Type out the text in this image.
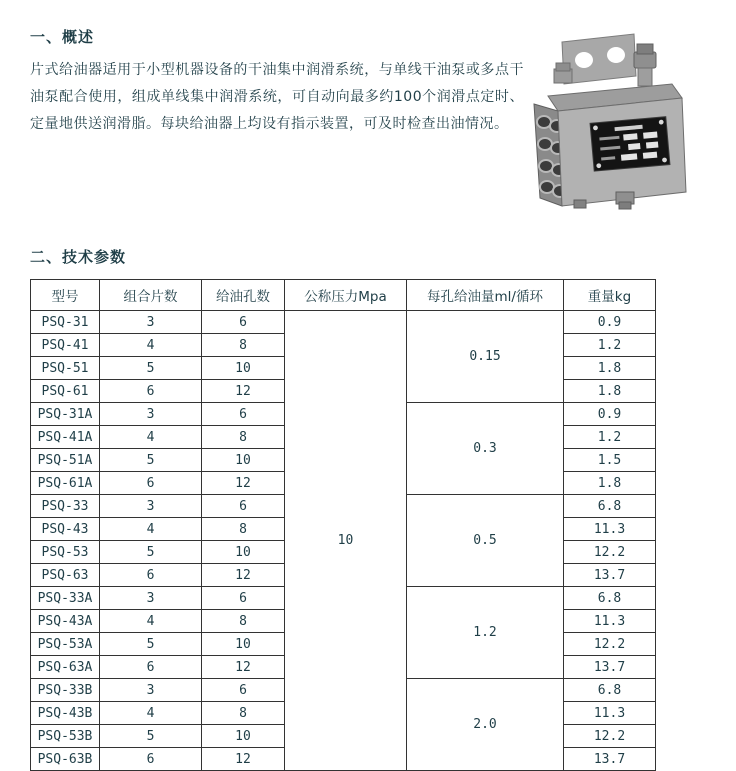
一、概述

片式给油器适用于小型机器设备的干油集中润滑系统，与单线干油泵或多点干油泵配合使用，组成单线集中润滑系统，可自动向最多约100个润滑点定时、定量地供送润滑脂。每块给油器上均设有指示装置，可及时检查出油情况。

二、技术参数
型号	组合片数	给油孔数	公称压力Mpa	每孔给油量ml/循环	重量kg
PSQ-31	3	6	10	0.15	0.9
PSQ-41	4	8			1.2
PSQ-51	5	10			1.8
PSQ-61	6	12			1.8
PSQ-31A	3	6		0.3	0.9
PSQ-41A	4	8			1.2
PSQ-51A	5	10			1.5
PSQ-61A	6	12			1.8
PSQ-33	3	6		0.5	6.8
PSQ-43	4	8			11.3
PSQ-53	5	10			12.2
PSQ-63	6	12			13.7
PSQ-33A	3	6		1.2	6.8
PSQ-43A	4	8			11.3
PSQ-53A	5	10			12.2
PSQ-63A	6	12			13.7
PSQ-33B	3	6		2.0	6.8
PSQ-43B	4	8			11.3
PSQ-53B	5	10			12.2
PSQ-63B	6	12			13.7
